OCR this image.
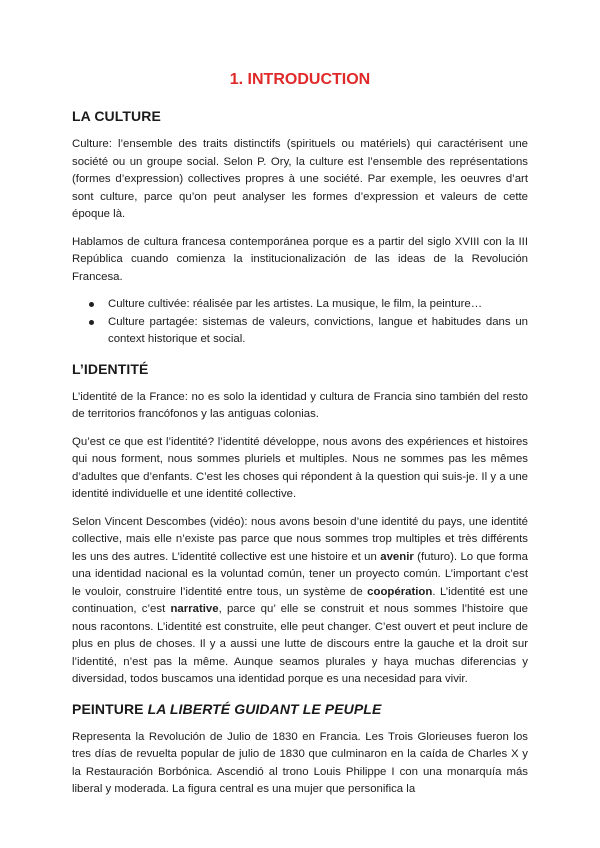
1. INTRODUCTION
LA CULTURE

Culture: l’ensemble des traits distinctifs (spirituels ou matériels) qui caractérisent une société ou un groupe social. Selon P. Ory, la culture est l’ensemble des représentations (formes d’expression) collectives propres à une société. Par exemple, les oeuvres d’art sont culture, parce qu’on peut analyser les formes d’expression et valeurs de cette époque là.

Hablamos de cultura francesa contemporánea porque es a partir del siglo XVIII con la III República cuando comienza la institucionalización de las ideas de la Revolución Francesa.

Culture cultivée: réalisée par les artistes. La musique, le film, la peinture…
Culture partagée: sistemas de valeurs, convictions, langue et habitudes dans un context historique et social.
L’IDENTITÉ

L’identité de la France: no es solo la identidad y cultura de Francia sino también del resto de territorios francófonos y las antiguas colonias.

Qu’est ce que est l’identité? l’identité développe, nous avons des expériences et histoires qui nous forment, nous sommes pluriels et multiples. Nous ne sommes pas les mêmes d’adultes que d’enfants. C’est les choses qui répondent à la question qui suis-je. Il y a une identité individuelle et une identité collective.

Selon Vincent Descombes (vidéo): nous avons besoin d’une identité du pays, une identité collective, mais elle n’existe pas parce que nous sommes trop multiples et très différents les uns des autres. L’identité collective est une histoire et un avenir (futuro). Lo que forma una identidad nacional es la voluntad común, tener un proyecto común. L’important c’est le vouloir, construire l’identité entre tous, un système de coopération. L’identité est une continuation, c’est narrative, parce qu’ elle se construit et nous sommes l’histoire que nous racontons. L’identité est construite, elle peut changer. C’est ouvert et peut inclure de plus en plus de choses. Il y a aussi une lutte de discours entre la gauche et la droit sur l’identité, n’est pas la même. Aunque seamos plurales y haya muchas diferencias y diversidad, todos buscamos una identidad porque es una necesidad para vivir.

PEINTURE LA LIBERTÉ GUIDANT LE PEUPLE

Representa la Revolución de Julio de 1830 en Francia. Les Trois Glorieuses fueron los tres días de revuelta popular de julio de 1830 que culminaron en la caída de Charles X y la Restauración Borbónica. Ascendió al trono Louis Philippe I con una monarquía más liberal y moderada. La figura central es una mujer que personifica la
